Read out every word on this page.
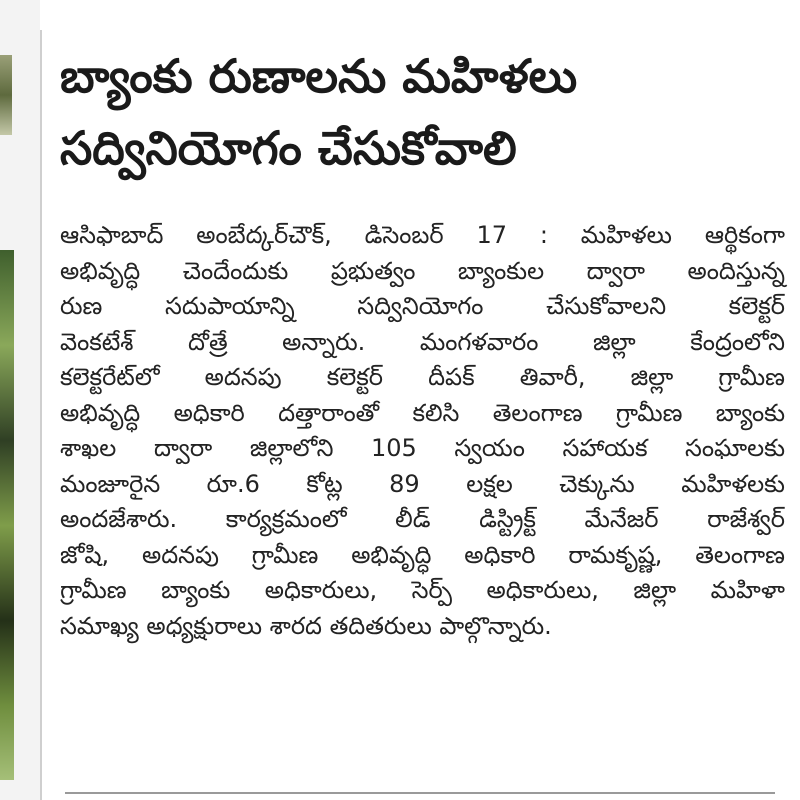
బ్యాంకు రుణాలను మహిళలు
సద్వినియోగం చేసుకోవాలి
ఆసిఫాబాద్ అంబేద్కర్‌చౌక్, డిసెంబర్ 17 : మహిళలు ఆర్థికంగా
అభివృద్ధి చెందేందుకు ప్రభుత్వం బ్యాంకుల ద్వారా అందిస్తున్న
రుణ సదుపాయాన్ని సద్వినియోగం చేసుకోవాలని కలెక్టర్
వెంకటేశ్ దోత్రే అన్నారు. మంగళవారం జిల్లా కేంద్రంలోని
కలెక్టరేట్‌లో అదనపు కలెక్టర్ దీపక్ తివారీ, జిల్లా గ్రామీణ
అభివృద్ధి అధికారి దత్తారాంతో కలిసి తెలంగాణ గ్రామీణ బ్యాంకు
శాఖల ద్వారా జిల్లాలోని 105 స్వయం సహాయక సంఘాలకు
మంజూరైన రూ.6 కోట్ల 89 లక్షల చెక్కును మహిళలకు
అందజేశారు. కార్యక్రమంలో లీడ్ డిస్ట్రిక్ట్ మేనేజర్ రాజేశ్వర్
జోషి, అదనపు గ్రామీణ అభివృద్ధి అధికారి రామకృష్ణ, తెలంగాణ
గ్రామీణ బ్యాంకు అధికారులు, సెర్ప్ అధికారులు, జిల్లా మహిళా
సమాఖ్య అధ్యక్షురాలు శారద తదితరులు పాల్గొన్నారు.
